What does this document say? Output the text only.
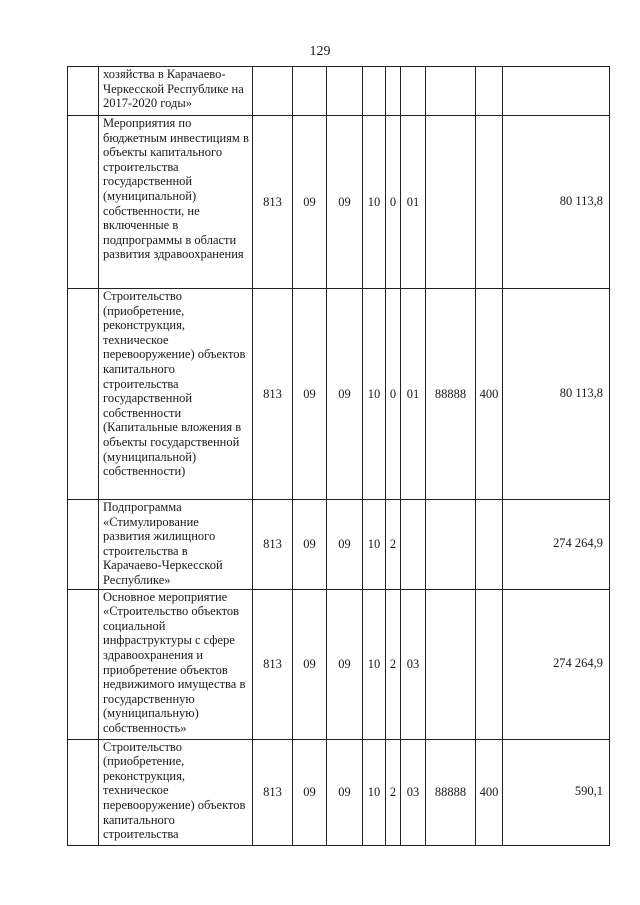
129
	хозяйства в Карачаево-Черкесской Республике на 2017-2020 годы»									
	Мероприятия по бюджетным инвестициям в объекты капитального строительства государственной (муниципальной) собственности, не включенные в подпрограммы в области развития здравоохранения	813	09	09	10	0	01			80 113,8
	Строительство (приобретение, реконструкция, техническое перевооружение) объектов капитального строительства государственной собственности (Капитальные вложения в объекты государственной (муниципальной) собственности)	813	09	09	10	0	01	88888	400	80 113,8
	Подпрограмма «Стимулирование развития жилищного строительства в Карачаево-Черкесской Республике»	813	09	09	10	2				274 264,9
	Основное мероприятие «Строительство объектов социальной инфраструктуры с сфере здравоохранения и приобретение объектов недвижимого имущества в государственную (муниципальную) собственность»	813	09	09	10	2	03			274 264,9
	Строительство (приобретение, реконструкция, техническое перевооружение) объектов капитального строительства	813	09	09	10	2	03	88888	400	590,1
